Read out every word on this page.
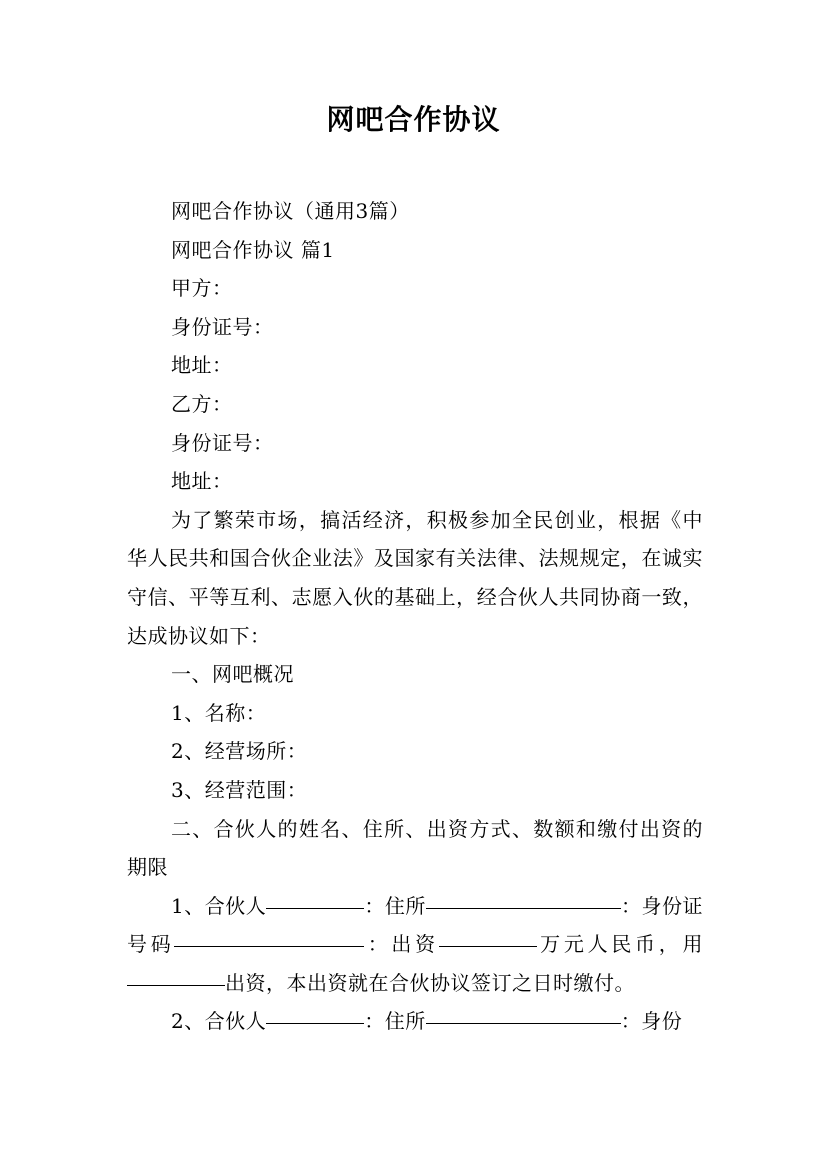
网吧合作协议

网吧合作协议（通用3篇）

网吧合作协议 篇1

甲方：

身份证号：

地址：

乙方：

身份证号：

地址：

为了繁荣市场，搞活经济，积极参加全民创业，根据《中华人民共和国合伙企业法》及国家有关法律、法规规定，在诚实守信、平等互利、志愿入伙的基础上，经合伙人共同协商一致，达成协议如下：

一、网吧概况

1、名称：

2、经营场所：

3、经营范围：

二、合伙人的姓名、住所、出资方式、数额和缴付出资的期限

1、合伙人	：住所	：身份证号码	：出资	万元人民币，用出资，本出资就在合伙协议签订之日时缴付。

2、合伙人	：住所	：身份
